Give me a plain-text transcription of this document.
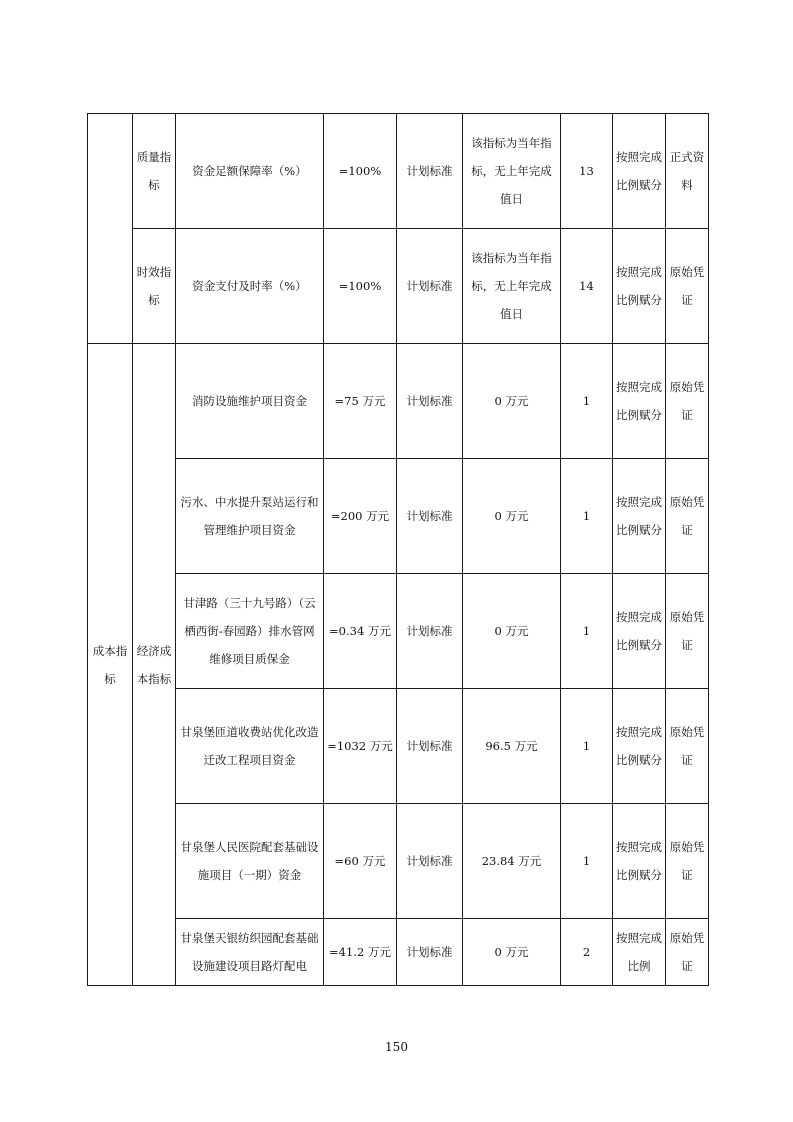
	质量指标	资金足额保障率（%）	=100%	计划标准	该指标为当年指标，无上年完成值日	13	按照完成比例赋分	正式资料
	时效指标	资金支付及时率（%）	=100%	计划标准	该指标为当年指标，无上年完成值日	14	按照完成比例赋分	原始凭证
成本指标	经济成本指标	消防设施维护项目资金	=75 万元	计划标准	0 万元	1	按照完成比例赋分	原始凭证
		污水、中水提升泵站运行和管理维护项目资金	=200 万元	计划标准	0 万元	1	按照完成比例赋分	原始凭证
		甘津路（三十九号路）（云栖西街-春园路）排水管网维修项目质保金	=0.34 万元	计划标准	0 万元	1	按照完成比例赋分	原始凭证
		甘泉堡匝道收费站优化改造迁改工程项目资金	=1032 万元	计划标准	96.5 万元	1	按照完成比例赋分	原始凭证
		甘泉堡人民医院配套基础设施项目（一期）资金	=60 万元	计划标准	23.84 万元	1	按照完成比例赋分	原始凭证
		甘泉堡天银纺织园配套基础设施建设项目路灯配电	=41.2 万元	计划标准	0 万元	2	按照完成比例	原始凭证
150
